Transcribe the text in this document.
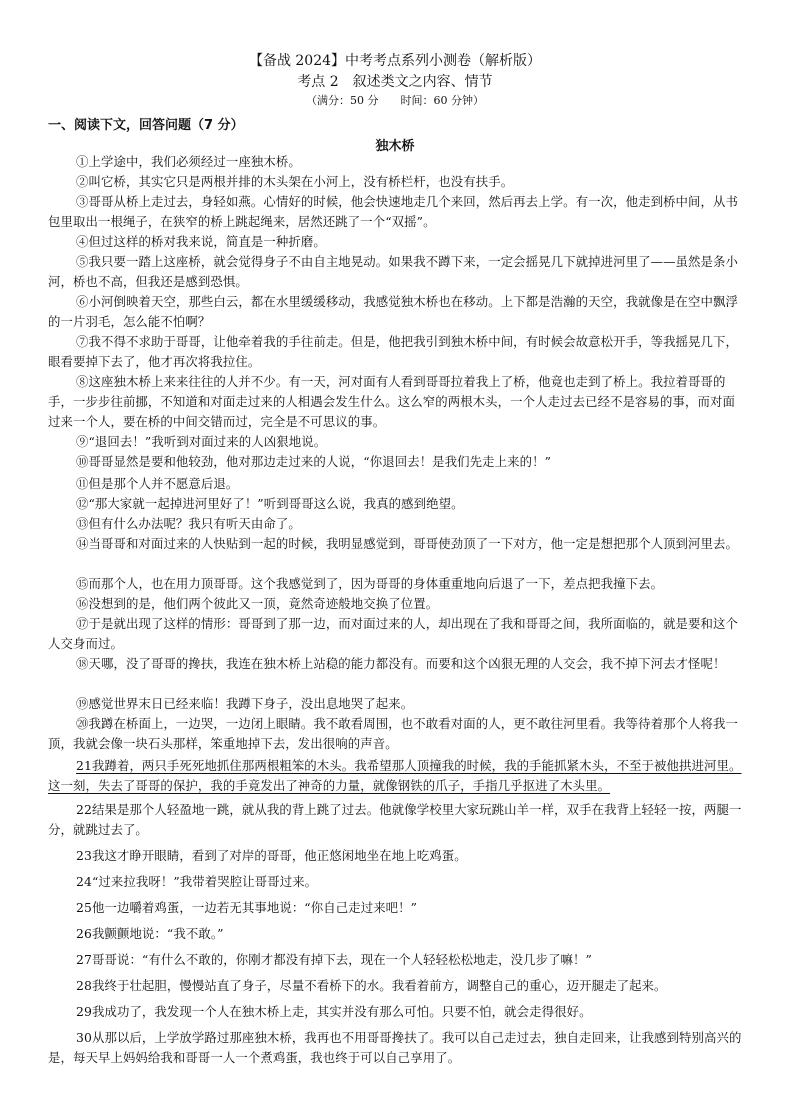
【备战 2024】中考考点系列小测卷（解析版）
考点 2　叙述类文之内容、情节
（满分：50 分　　时间：60 分钟）
一、阅读下文，回答问题（7 分）
独木桥

①上学途中，我们必须经过一座独木桥。

②叫它桥，其实它只是两根并排的木头架在小河上，没有桥栏杆，也没有扶手。

③哥哥从桥上走过去，身轻如燕。心情好的时候，他会快速地走几个来回，然后再去上学。有一次，他走到桥中间，从书包里取出一根绳子，在狭窄的桥上跳起绳来，居然还跳了一个“双摇”。

④但过这样的桥对我来说，简直是一种折磨。

⑤我只要一踏上这座桥，就会觉得身子不由自主地晃动。如果我不蹲下来，一定会摇晃几下就掉进河里了——虽然是条小河，桥也不高，但我还是感到恐惧。

⑥小河倒映着天空，那些白云，都在水里缓缓移动，我感觉独木桥也在移动。上下都是浩瀚的天空，我就像是在空中飘浮的一片羽毛，怎么能不怕啊？

⑦我不得不求助于哥哥，让他牵着我的手往前走。但是，他把我引到独木桥中间，有时候会故意松开手，等我摇晃几下，眼看要掉下去了，他才再次将我拉住。

⑧这座独木桥上来来往往的人并不少。有一天，河对面有人看到哥哥拉着我上了桥，他竟也走到了桥上。我拉着哥哥的手，一步步往前挪，不知道和对面走过来的人相遇会发生什么。这么窄的两根木头，一个人走过去已经不是容易的事，而对面过来一个人，要在桥的中间交错而过，完全是不可思议的事。

⑨“退回去！”我听到对面过来的人凶狠地说。

⑩哥哥显然是要和他较劲，他对那边走过来的人说，“你退回去！是我们先走上来的！”

⑪但是那个人并不愿意后退。

⑫“那大家就一起掉进河里好了！”听到哥哥这么说，我真的感到绝望。

⑬但有什么办法呢？我只有听天由命了。

⑭当哥哥和对面过来的人快贴到一起的时候，我明显感觉到，哥哥使劲顶了一下对方，他一定是想把那个人顶到河里去。

⑮而那个人，也在用力顶哥哥。这个我感觉到了，因为哥哥的身体重重地向后退了一下，差点把我撞下去。

⑯没想到的是，他们两个彼此又一顶，竟然奇迹般地交换了位置。

⑰于是就出现了这样的情形：哥哥到了那一边，而对面过来的人，却出现在了我和哥哥之间，我所面临的，就是要和这个人交身而过。

⑱天哪，没了哥哥的搀扶，我连在独木桥上站稳的能力都没有。而要和这个凶狠无理的人交会，我不掉下河去才怪呢！

⑲感觉世界末日已经来临！我蹲下身子，没出息地哭了起来。

⑳我蹲在桥面上，一边哭，一边闭上眼睛。我不敢看周围，也不敢看对面的人，更不敢往河里看。我等待着那个人将我一顶，我就会像一块石头那样，笨重地掉下去，发出很响的声音。

21我蹲着，两只手死死地抓住那两根粗笨的木头。我希望那人顶撞我的时候，我的手能抓紧木头，不至于被他拱进河里。这一刻，失去了哥哥的保护，我的手竟发出了神奇的力量，就像钢铁的爪子，手指几乎抠进了木头里。

22结果是那个人轻盈地一跳，就从我的背上跳了过去。他就像学校里大家玩跳山羊一样，双手在我背上轻轻一按，两腿一分，就跳过去了。

23我这才睁开眼睛，看到了对岸的哥哥，他正悠闲地坐在地上吃鸡蛋。

24“过来拉我呀！”我带着哭腔让哥哥过来。

25他一边嚼着鸡蛋，一边若无其事地说：“你自己走过来吧！”

26我颤颤地说：“我不敢。”

27哥哥说：“有什么不敢的，你刚才都没有掉下去，现在一个人轻轻松松地走，没几步了嘛！”

28我终于壮起胆，慢慢站直了身子，尽量不看桥下的水。我看着前方，调整自己的重心，迈开腿走了起来。

29我成功了，我发现一个人在独木桥上走，其实并没有那么可怕。只要不怕，就会走得很好。

30从那以后，上学放学路过那座独木桥，我再也不用哥哥搀扶了。我可以自己走过去，独自走回来，让我感到特别高兴的是，每天早上妈妈给我和哥哥一人一个煮鸡蛋，我也终于可以自己享用了。
